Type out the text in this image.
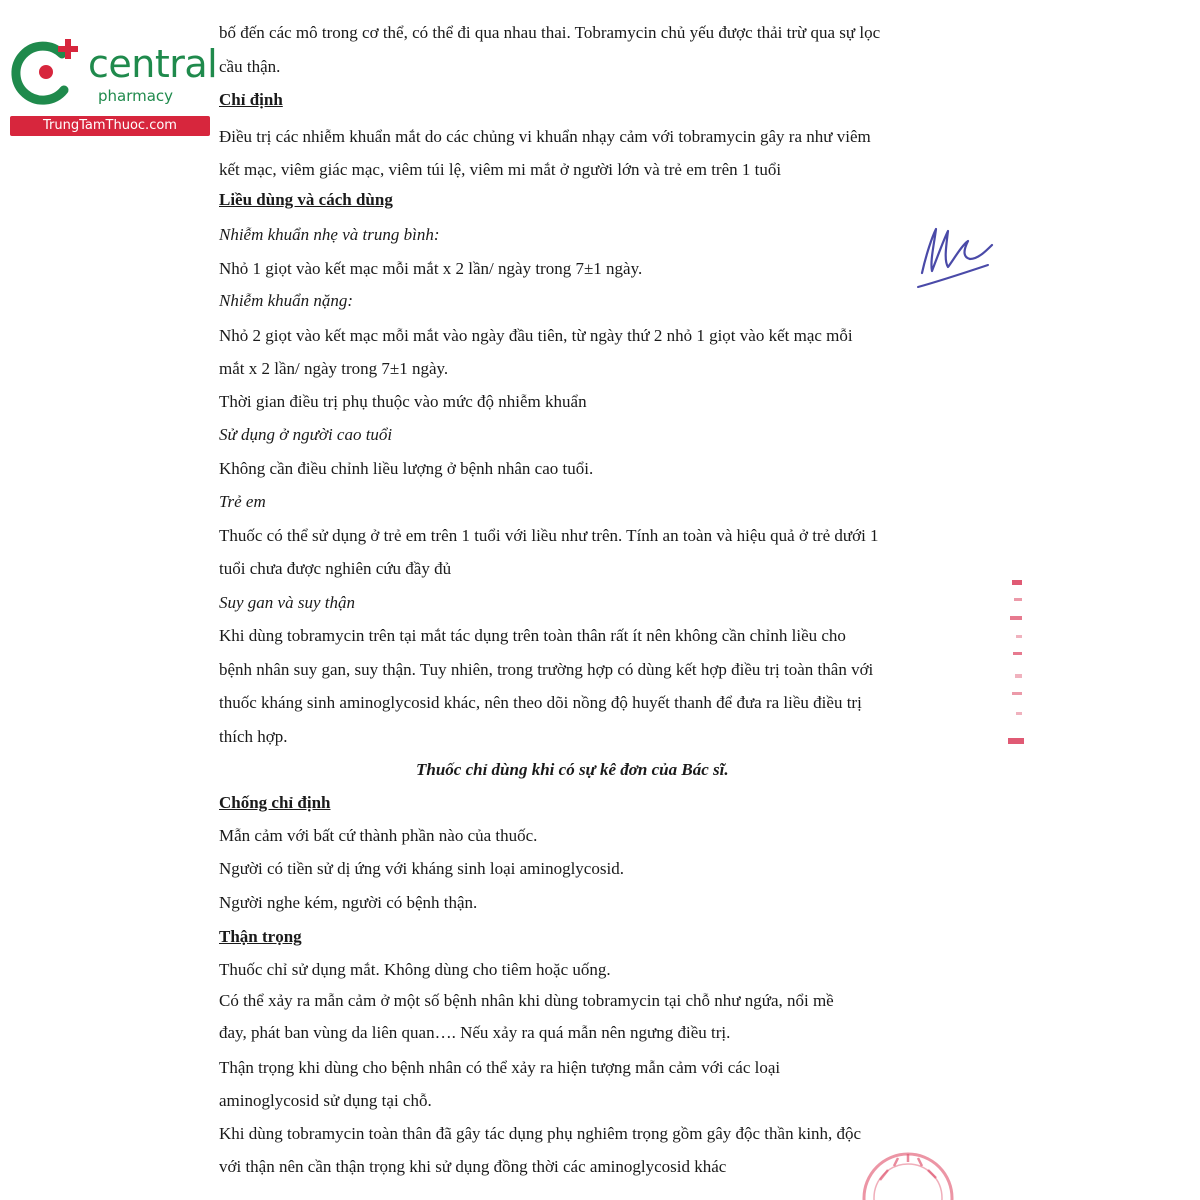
central
pharmacy
TrungTamThuoc.com
bố đến các mô trong cơ thể, có thể đi qua nhau thai. Tobramycin chủ yếu được thải trừ qua sự lọc
cầu thận.
Chỉ định
Điều trị các nhiễm khuẩn mắt do các chủng vi khuẩn nhạy cảm với tobramycin gây ra như viêm
kết mạc, viêm giác mạc, viêm túi lệ, viêm mi mắt ở người lớn và trẻ em trên 1 tuổi
Liều dùng và cách dùng
Nhiễm khuẩn nhẹ và trung bình:
Nhỏ 1 giọt vào kết mạc mỗi mắt x 2 lần/ ngày trong 7±1 ngày.
Nhiễm khuẩn nặng:
Nhỏ 2 giọt vào kết mạc mỗi mắt vào ngày đầu tiên, từ ngày thứ 2 nhỏ 1 giọt vào kết mạc mỗi
mắt x 2 lần/ ngày trong 7±1 ngày.
Thời gian điều trị phụ thuộc vào mức độ nhiễm khuẩn
Sử dụng ở người cao tuổi
Không cần điều chỉnh liều lượng ở bệnh nhân cao tuổi.
Trẻ em
Thuốc có thể sử dụng ở trẻ em trên 1 tuổi với liều như trên. Tính an toàn và hiệu quả ở trẻ dưới 1
tuổi chưa được nghiên cứu đầy đủ
Suy gan và suy thận
Khi dùng tobramycin trên tại mắt tác dụng trên toàn thân rất ít nên không cần chỉnh liều cho
bệnh nhân suy gan, suy thận. Tuy nhiên, trong trường hợp có dùng kết hợp điều trị toàn thân với
thuốc kháng sinh aminoglycosid khác, nên theo dõi nồng độ huyết thanh để đưa ra liều điều trị
thích hợp.
Thuốc chỉ dùng khi có sự kê đơn của Bác sĩ.
Chống chỉ định
Mẫn cảm với bất cứ thành phần nào của thuốc.
Người có tiền sử dị ứng với kháng sinh loại aminoglycosid.
Người nghe kém, người có bệnh thận.
Thận trọng
Thuốc chỉ sử dụng mắt. Không dùng cho tiêm hoặc uống.
Có thể xảy ra mẫn cảm ở một số bệnh nhân khi dùng tobramycin tại chỗ như ngứa, nổi mề
đay, phát ban vùng da liên quan…. Nếu xảy ra quá mẫn nên ngưng điều trị.
Thận trọng khi dùng cho bệnh nhân có thể xảy ra hiện tượng mẫn cảm với các loại
aminoglycosid sử dụng tại chỗ.
Khi dùng tobramycin toàn thân đã gây tác dụng phụ nghiêm trọng gồm gây độc thần kinh, độc
với thận nên cần thận trọng khi sử dụng đồng thời các aminoglycosid khác
